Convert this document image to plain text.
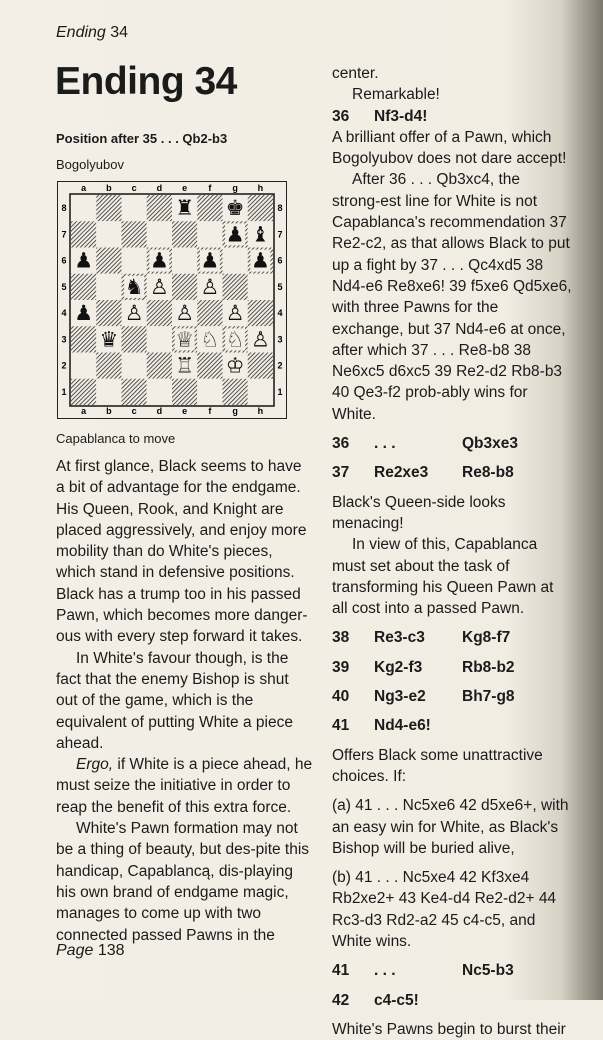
Ending 34
Ending 34
Position after 35 . . . Qb2-b3
Bogolyubov
a b c d e f g h
a b c d e f g h
8
7
6
5
4
3
2
1
8
7
6
5
4
3
2
1
♜ ♚
♟ ♝
♟	♟ ♟ ♟
♞ ♙ ♙
♟ ♙ ♙ ♙
♛	♕ ♘ ♘ ♙
♖ ♔
Capablanca to move

At first glance, Black seems to have a bit of advantage for the endgame. His Queen, Rook, and Knight are placed aggressively, and enjoy more mobility than do White's pieces, which stand in defensive positions. Black has a trump too in his passed Pawn, which becomes more danger-ous with every step forward it takes.

In White's favour though, is the fact that the enemy Bishop is shut out of the game, which is the equivalent of putting White a piece ahead.

Ergo, if White is a piece ahead, he must seize the initiative in order to reap the benefit of this extra force.

White's Pawn formation may not be a thing of beauty, but des-pite this handicap, Capablancą, dis-playing his own brand of endgame magic, manages to come up with two connected passed Pawns in the

center.

Remarkable!

36	Nf3-d4!

A brilliant offer of a Pawn, which Bogolyubov does not dare accept!

After 36 . . . Qb3xc4, the strong-est line for White is not Capablanca's recommendation 37 Re2-c2, as that allows Black to put up a fight by 37 . . . Qc4xd5 38 Nd4-e6 Re8xe6! 39 f5xe6 Qd5xe6, with three Pawns for the exchange, but 37 Nd4-e6 at once, after which 37 . . . Re8-b8 38 Ne6xc5 d6xc5 39 Re2-d2 Rb8-b3 40 Qe3-f2 prob-ably wins for White.

36	. . .	Qb3xe3
37	Re2xe3	Re8-b8

Black's Queen-side looks menacing!

In view of this, Capablanca must set about the task of transforming his Queen Pawn at all cost into a passed Pawn.

38	Re3-c3	Kg8-f7
39	Kg2-f3	Rb8-b2
40	Ng3-e2	Bh7-g8
41	Nd4-e6!

Offers Black some unattractive choices. If:

(a) 41 . . . Nc5xe6 42 d5xe6+, with an easy win for White, as Black's Bishop will be buried alive,

(b) 41 . . . Nc5xe4 42 Kf3xe4 Rb2xe2+ 43 Ke4-d4 Re2-d2+ 44 Rc3-d3 Rd2-a2 45 c4-c5, and White wins.

41	. . .	Nc5-b3
42	c4-c5!

White's Pawns begin to burst their

Page 138
